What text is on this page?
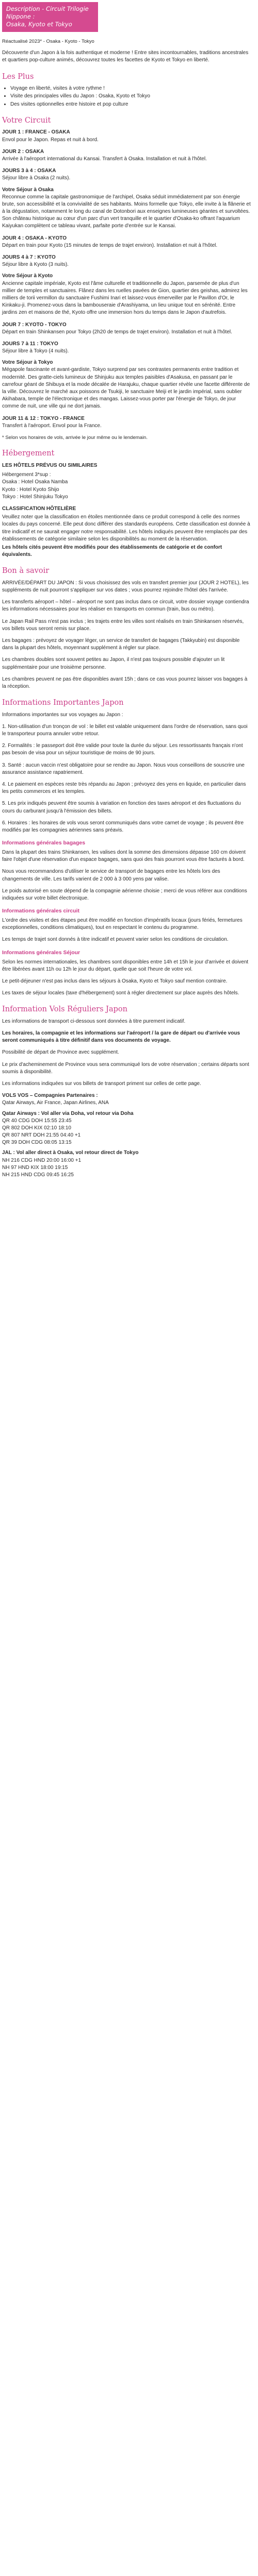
Description - Circuit Trilogie Nippone :
Osaka, Kyoto et Tokyo

Réactualisé 2023* - Osaka - Kyoto - Tokyo

Découverte d'un Japon à la fois authentique et moderne ! Entre sites incontournables, traditions ancestrales et quartiers pop-culture animés, découvrez toutes les facettes de Kyoto et Tokyo en liberté.

Les Plus
• Voyage en liberté, visites à votre rythme !
• Visite des principales villes du Japon : Osaka, Kyoto et Tokyo
• Des visites optionnelles entre histoire et pop culture
Votre Circuit
JOUR 1 : FRANCE - OSAKA
Envol pour le Japon. Repas et nuit à bord.
JOUR 2 : OSAKA
Arrivée à l'aéroport international du Kansai. Transfert à Osaka. Installation et nuit à l'hôtel.
JOURS 3 à 4 : OSAKA
Séjour libre à Osaka (2 nuits).
Votre Séjour à Osaka
Reconnue comme la capitale gastronomique de l'archipel, Osaka séduit immédiatement par son énergie brute, son accessibilité et la convivialité de ses habitants. Moins formelle que Tokyo, elle invite à la flânerie et à la dégustation, notamment le long du canal de Dotonbori aux enseignes lumineuses géantes et survoltées. Son château historique au cœur d'un parc d'un vert tranquille et le quartier d'Osaka-ko offrant l'aquarium Kaiyukan complètent ce tableau vivant, parfaite porte d'entrée sur le Kansai.
JOUR 4 : OSAKA - KYOTO
Départ en train pour Kyoto (15 minutes de temps de trajet environ). Installation et nuit à l'hôtel.
JOURS 4 à 7 : KYOTO
Séjour libre à Kyoto (3 nuits).
Votre Séjour à Kyoto
Ancienne capitale impériale, Kyoto est l'âme culturelle et traditionnelle du Japon, parsemée de plus d'un millier de temples et sanctuaires. Flânez dans les ruelles pavées de Gion, quartier des geishas, admirez les milliers de torii vermillon du sanctuaire Fushimi Inari et laissez-vous émerveiller par le Pavillon d'Or, le Kinkaku-ji. Promenez-vous dans la bambouseraie d'Arashiyama, un lieu unique tout en sérénité. Entre jardins zen et maisons de thé, Kyoto offre une immersion hors du temps dans le Japon d'autrefois.
JOUR 7 : KYOTO - TOKYO
Départ en train Shinkansen pour Tokyo (2h20 de temps de trajet environ). Installation et nuit à l'hôtel.
JOURS 7 à 11 : TOKYO
Séjour libre à Tokyo (4 nuits).
Votre Séjour à Tokyo
Mégapole fascinante et avant-gardiste, Tokyo surprend par ses contrastes permanents entre tradition et modernité. Des gratte-ciels lumineux de Shinjuku aux temples paisibles d'Asakusa, en passant par le carrefour géant de Shibuya et la mode décalée de Harajuku, chaque quartier révèle une facette différente de la ville. Découvrez le marché aux poissons de Tsukiji, le sanctuaire Meiji et le jardin impérial, sans oublier Akihabara, temple de l'électronique et des mangas. Laissez-vous porter par l'énergie de Tokyo, de jour comme de nuit, une ville qui ne dort jamais.
JOUR 11 & 12 : TOKYO - FRANCE
Transfert à l'aéroport. Envol pour la France.

* Selon vos horaires de vols, arrivée le jour même ou le lendemain.

Hébergement

LES HÔTELS PRÉVUS OU SIMILAIRES

Hébergement 3*sup :

Osaka : Hotel Osaka Namba
Kyoto : Hotel Kyoto Shijo
Tokyo : Hotel Shinjuku Tokyo

CLASSIFICATION HÔTELIÈRE

Veuillez noter que la classification en étoiles mentionnée dans ce produit correspond à celle des normes locales du pays concerné. Elle peut donc différer des standards européens. Cette classification est donnée à titre indicatif et ne saurait engager notre responsabilité. Les hôtels indiqués peuvent être remplacés par des établissements de catégorie similaire selon les disponibilités au moment de la réservation.

Les hôtels cités peuvent être modifiés pour des établissements de catégorie et de confort équivalents.

Bon à savoir

ARRIVÉE/DÉPART DU JAPON : Si vous choisissez des vols en transfert premier jour (JOUR 2 HOTEL), les suppléments de nuit pourront s'appliquer sur vos dates ; vous pourrez rejoindre l'hôtel dès l'arrivée.

Les transferts aéroport – hôtel – aéroport ne sont pas inclus dans ce circuit, votre dossier voyage contiendra les informations nécessaires pour les réaliser en transports en commun (train, bus ou métro).

Le Japan Rail Pass n'est pas inclus ; les trajets entre les villes sont réalisés en train Shinkansen réservés, vos billets vous seront remis sur place.

Les bagages : prévoyez de voyager léger, un service de transfert de bagages (Takkyubin) est disponible dans la plupart des hôtels, moyennant supplément à régler sur place.

Les chambres doubles sont souvent petites au Japon, il n'est pas toujours possible d'ajouter un lit supplémentaire pour une troisième personne.

Les chambres peuvent ne pas être disponibles avant 15h ; dans ce cas vous pourrez laisser vos bagages à la réception.

Informations Importantes Japon

Informations importantes sur vos voyages au Japon :

1. Non-utilisation d'un tronçon de vol : le billet est valable uniquement dans l'ordre de réservation, sans quoi le transporteur pourra annuler votre retour.

2. Formalités : le passeport doit être valide pour toute la durée du séjour. Les ressortissants français n'ont pas besoin de visa pour un séjour touristique de moins de 90 jours.

3. Santé : aucun vaccin n'est obligatoire pour se rendre au Japon. Nous vous conseillons de souscrire une assurance assistance rapatriement.

4. Le paiement en espèces reste très répandu au Japon ; prévoyez des yens en liquide, en particulier dans les petits commerces et les temples.

5. Les prix indiqués peuvent être soumis à variation en fonction des taxes aéroport et des fluctuations du cours du carburant jusqu'à l'émission des billets.

6. Horaires : les horaires de vols vous seront communiqués dans votre carnet de voyage ; ils peuvent être modifiés par les compagnies aériennes sans préavis.

Informations générales bagages

Dans la plupart des trains Shinkansen, les valises dont la somme des dimensions dépasse 160 cm doivent faire l'objet d'une réservation d'un espace bagages, sans quoi des frais pourront vous être facturés à bord.

Nous vous recommandons d'utiliser le service de transport de bagages entre les hôtels lors des changements de ville. Les tarifs varient de 2 000 à 3 000 yens par valise.

Le poids autorisé en soute dépend de la compagnie aérienne choisie ; merci de vous référer aux conditions indiquées sur votre billet électronique.

Informations générales circuit

L'ordre des visites et des étapes peut être modifié en fonction d'impératifs locaux (jours fériés, fermetures exceptionnelles, conditions climatiques), tout en respectant le contenu du programme.

Les temps de trajet sont donnés à titre indicatif et peuvent varier selon les conditions de circulation.

Informations générales Séjour

Selon les normes internationales, les chambres sont disponibles entre 14h et 15h le jour d'arrivée et doivent être libérées avant 11h ou 12h le jour du départ, quelle que soit l'heure de votre vol.

Le petit-déjeuner n'est pas inclus dans les séjours à Osaka, Kyoto et Tokyo sauf mention contraire.

Les taxes de séjour locales (taxe d'hébergement) sont à régler directement sur place auprès des hôtels.

Information Vols Réguliers Japon

Les informations de transport ci-dessous sont données à titre purement indicatif.

Les horaires, la compagnie et les informations sur l'aéroport / la gare de départ ou d'arrivée vous seront communiqués à titre définitif dans vos documents de voyage.

Possibilité de départ de Province avec supplément.

Le prix d'acheminement de Province vous sera communiqué lors de votre réservation ; certains départs sont soumis à disponibilité.

Les informations indiquées sur vos billets de transport priment sur celles de cette page.

VOLS VOS – Compagnies Partenaires :

Qatar Airways, Air France, Japan Airlines, ANA

Qatar Airways : Vol aller via Doha, vol retour via Doha

QR 40 CDG DOH 15:55 23:45
QR 802 DOH KIX 02:10 18:10
QR 807 NRT DOH 21:55 04:40 +1
QR 39 DOH CDG 08:05 13:15

JAL : Vol aller direct à Osaka, vol retour direct de Tokyo

NH 216 CDG HND 20:00 16:00 +1
NH 97 HND KIX 18:00 19:15
NH 215 HND CDG 09:45 16:25
